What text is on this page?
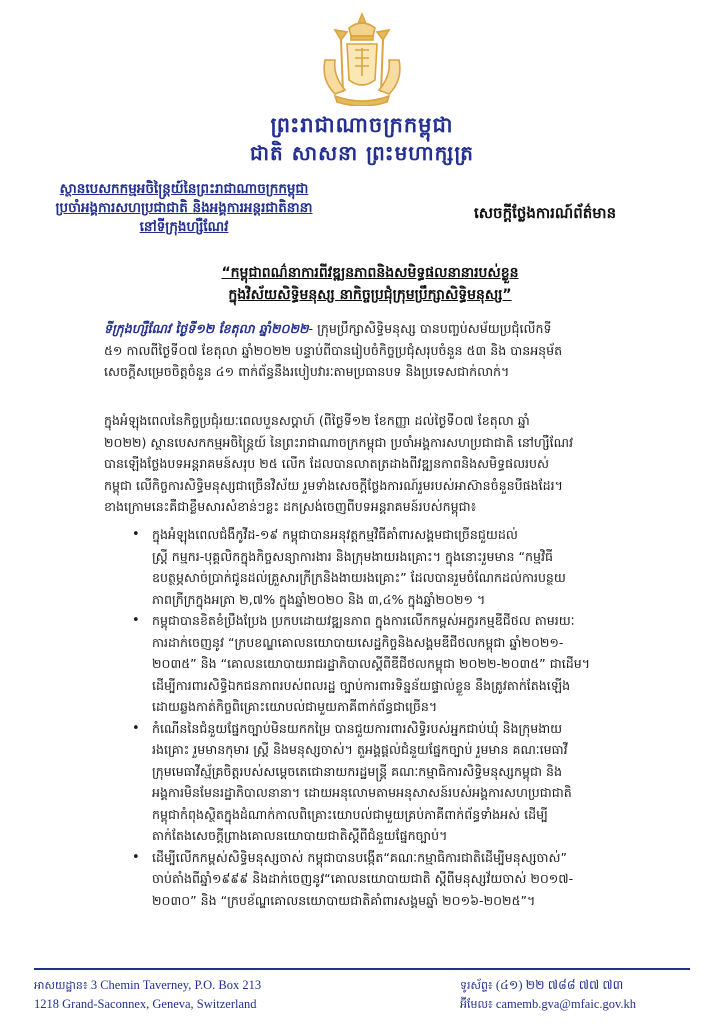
ព្រះរាជាណាចក្រកម្ពុជា
ជាតិ សាសនា ព្រះមហាក្សត្រ
ស្ថានបេសកកម្មអចិន្ត្រៃយ៍នៃព្រះរាជាណាចក្រកម្ពុជា
ប្រចាំអង្គការសហប្រជាជាតិ និងអង្គការអន្តរជាតិនានា
នៅទីក្រុងហ្សឺណែវ
សេចក្តីថ្លែងការណ៍ព័ត៌មាន
“កម្ពុជាពណ៌នាការពីវឌ្ឍនភាពនិងសមិទ្ធផលនានារបស់ខ្លួន
ក្នុងវិស័យសិទ្ធិមនុស្ស នាកិច្ចប្រជុំក្រុមប្រឹក្សាសិទ្ធិមនុស្ស”
ទីក្រុងហ្សឺណែវ ថ្ងៃទី១២ ខែតុលា ឆ្នាំ២០២២- ក្រុមប្រឹក្សាសិទ្ធិមនុស្ស បានបញ្ចប់សម័យប្រជុំលើកទី
៥១ កាលពីថ្ងៃទី០៧ ខែតុលា ឆ្នាំ២០២២ បន្ទាប់ពីបានរៀបចំកិច្ចប្រជុំសរុបចំនួន ៥៣ និង បានអនុម័ត
សេចក្តីសម្រេចចិត្តចំនួន ៤១ ពាក់ព័ន្ធនឹងរបៀបវារៈតាមប្រធានបទ និងប្រទេសជាក់លាក់។
ក្នុងអំឡុងពេលនៃកិច្ចប្រជុំរយៈពេលបួនសប្តាហ៍ (ពីថ្ងៃទី១២ ខែកញ្ញា ដល់ថ្ងៃទី០៧ ខែតុលា ឆ្នាំ
២០២២) ស្ថានបេសកកម្មអចិន្ត្រៃយ៍ នៃព្រះរាជាណាចក្រកម្ពុជា ប្រចាំអង្គការសហប្រជាជាតិ នៅហ្សឺណែវ
បានឡើងថ្លែងបទអន្តរាគមន៍សរុប ២៥ លើក ដែលបានលាតត្រដាងពីវឌ្ឍនភាពនិងសមិទ្ធផលរបស់
កម្ពុជា លើកិច្ចការសិទ្ធិមនុស្សជាច្រើនវិស័យ រួមទាំងសេចក្តីថ្លែងការណ៍រួមរបស់អាស៊ានចំនួនបីផងដែរ។
ខាងក្រោមនេះគឺជាខ្លឹមសារសំខាន់ៗខ្លះ ដកស្រង់ចេញពីបទអន្តរាគមន៍របស់កម្ពុជា៖
• ក្នុងអំឡុងពេលជំងឺកូវីដ-១៩ កម្ពុជាបានអនុវត្តកម្មវិធីគាំពារសង្គមជាច្រើនជួយដល់
ស្ត្រី កម្មករ-បុគ្គលិកក្នុងកិច្ចសន្យាការងារ និងក្រុមងាយរងគ្រោះ។ ក្នុងនោះរួមមាន “កម្មវិធី
ឧបត្ថម្ភសាច់ប្រាក់ជូនដល់គ្រួសារក្រីក្រនិងងាយរងគ្រោះ” ដែលបានរួមចំណែកដល់ការបន្ថយ
ភាពក្រីក្រក្នុងអត្រា ២,៧% ក្នុងឆ្នាំ២០២០ និង ៣,៤% ក្នុងឆ្នាំ២០២១ ។
• កម្ពុជាបានខិតខំប្រឹងប្រែង ប្រកបដោយវឌ្ឍនភាព ក្នុងការលើកកម្ពស់អក្ខរកម្មឌីជីថល តាមរយៈ
ការដាក់ចេញនូវ “ក្របខណ្ឌគោលនយោបាយសេដ្ឋកិច្ចនិងសង្គមឌីជីថលកម្ពុជា ឆ្នាំ២០២១-
២០៣៥” និង “គោលនយោបាយរាជរដ្ឋាភិបាលស្តីពីឌីជីថលកម្ពុជា ២០២២-២០៣៥” ជាដើម។
ដើម្បីការពារសិទ្ធិឯកជនភាពរបស់ពលរដ្ឋ ច្បាប់ការពារទិន្នន័យផ្ទាល់ខ្លួន នឹងត្រូវតាក់តែងឡើង
ដោយឆ្លងកាត់កិច្ចពិគ្រោះយោបល់ជាមួយភាគីពាក់ព័ន្ធជាច្រើន។
• កំណើននៃជំនួយផ្នែកច្បាប់មិនយកកម្រៃ បានជួយការពារសិទ្ធិរបស់អ្នកជាប់ឃុំ និងក្រុមងាយ
រងគ្រោះ រួមមានកុមារ ស្ត្រី និងមនុស្សចាស់។ តួអង្គផ្តល់ជំនួយផ្នែកច្បាប់ រួមមាន គណៈមេធាវី
ក្រុមមេធាវីស្ម័គ្រចិត្តរបស់សម្តេចតេជោនាយករដ្ឋមន្ត្រី គណៈកម្មាធិការសិទ្ធិមនុស្សកម្ពុជា និង
អង្គការមិនមែនរដ្ឋាភិបាលនានា។ ដោយអនុលោមតាមអនុសាសន៍របស់អង្គការសហប្រជាជាតិ
កម្ពុជាកំពុងស្ថិតក្នុងដំណាក់កាលពិគ្រោះយោបល់ជាមួយគ្រប់ភាគីពាក់ព័ន្ធទាំងអស់ ដើម្បី
តាក់តែងសេចក្តីព្រាងគោលនយោបាយជាតិស្តីពីជំនួយផ្នែកច្បាប់។
• ដើម្បីលើកកម្ពស់សិទ្ធិមនុស្សចាស់ កម្ពុជាបានបង្កើត“គណៈកម្មាធិការជាតិដើម្បីមនុស្សចាស់”
ចាប់តាំងពីឆ្នាំ១៩៩៩ និងដាក់ចេញនូវ“គោលនយោបាយជាតិ ស្តីពីមនុស្សវ័យចាស់ ២០១៧-
២០៣០” និង “ក្របខ័ណ្ឌគោលនយោបាយជាតិគាំពារសង្គមឆ្នាំ ២០១៦-២០២៥”។
អាសយដ្ឋាន៖ 3 Chemin Taverney, P.O. Box 213
1218 Grand-Saconnex, Geneva, Switzerland
ទូរស័ព្ទ៖ (៤១) ២២ ៧៨៨ ៧៧ ៧៣
អ៊ីមែល៖ camemb.gva@mfaic.gov.kh
